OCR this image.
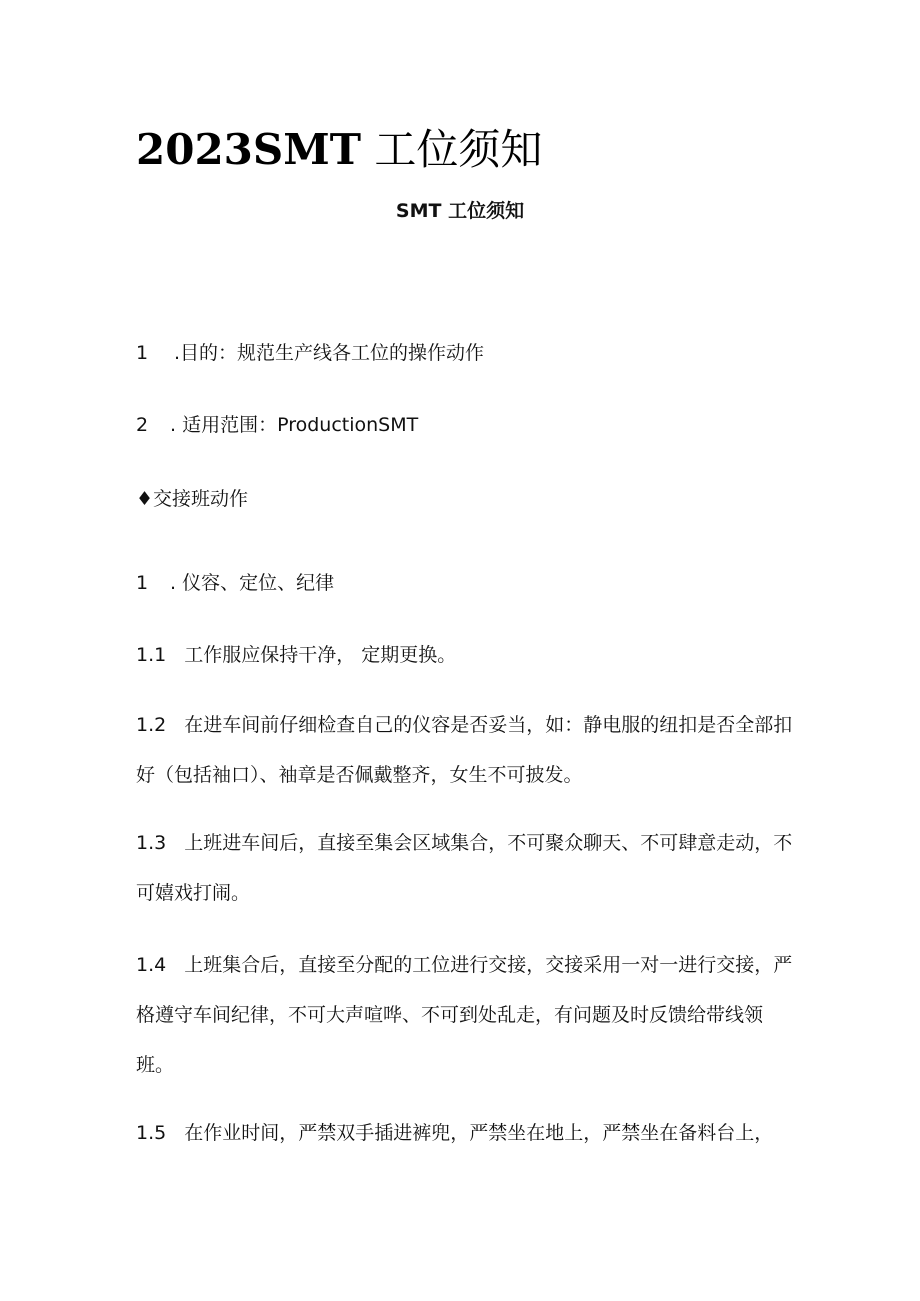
2023SMT 工位须知
SMT 工位须知
1 .目的：规范生产线各工位的操作动作
2 . 适用范围：ProductionSMT
♦交接班动作
1 . 仪容、定位、纪律
1.1 工作服应保持干净， 定期更换。
1.2 在进车间前仔细检查自己的仪容是否妥当，如：静电服的纽扣是否全部扣好（包括袖口）、袖章是否佩戴整齐，女生不可披发。
1.3 上班进车间后，直接至集会区域集合，不可聚众聊天、不可肆意走动，不可嬉戏打闹。
1.4 上班集合后，直接至分配的工位进行交接，交接采用一对一进行交接，严格遵守车间纪律，不可大声喧哗、不可到处乱走，有问题及时反馈给带线领班。
1.5 在作业时间，严禁双手插进裤兜，严禁坐在地上，严禁坐在备料台上，
